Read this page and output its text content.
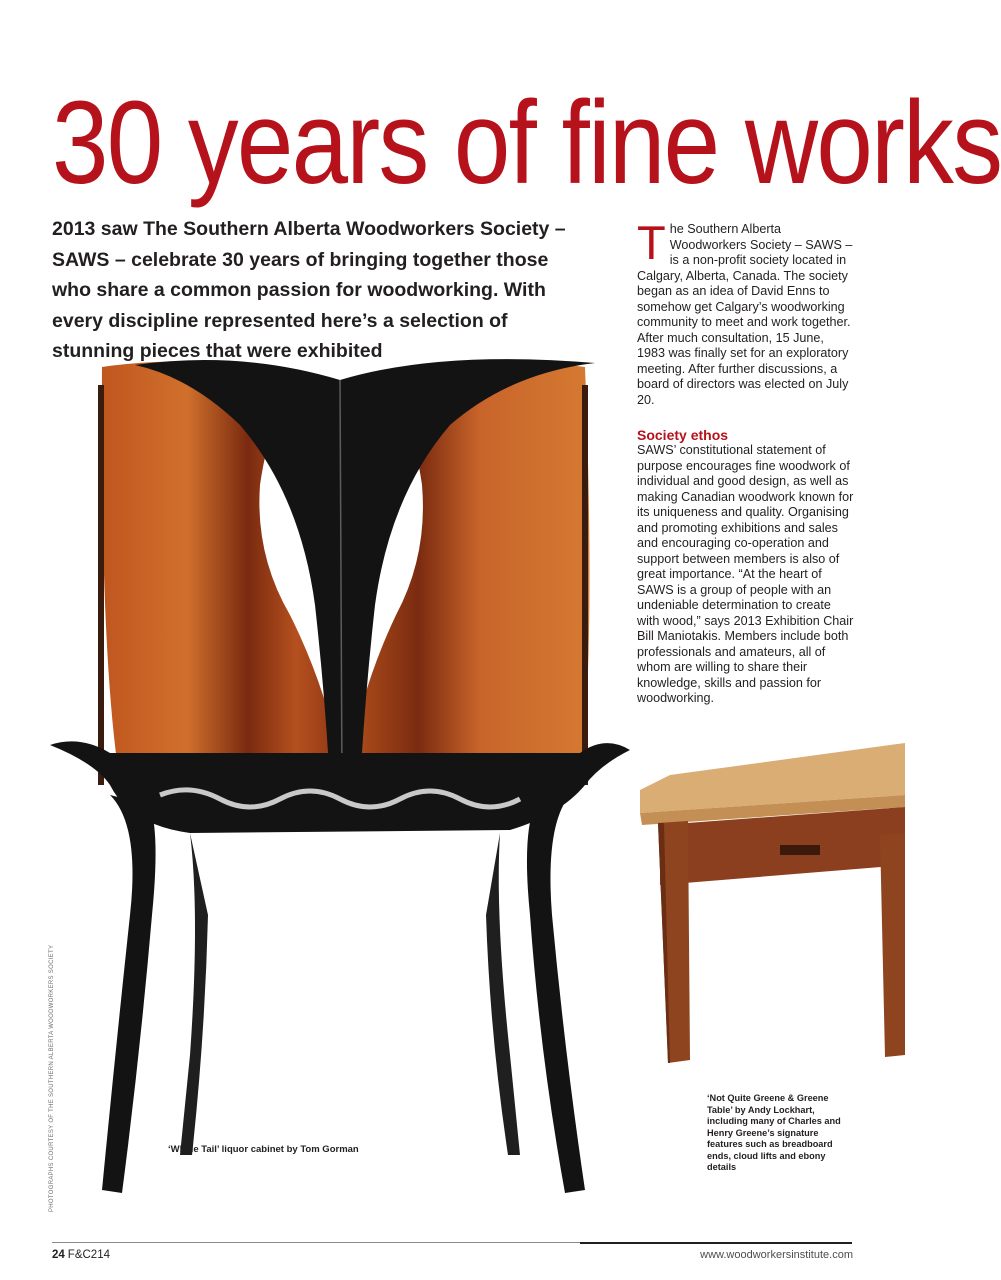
30 years of fine works
2013 saw The Southern Alberta Woodworkers Society – SAWS – celebrate 30 years of bringing together those who share a common passion for woodworking. With every discipline represented here’s a selection of stunning pieces that were exhibited
T he Southern Alberta Woodworkers Society – SAWS – is a non-profit society located in Calgary, Alberta, Canada. The society began as an idea of David Enns to somehow get Calgary’s woodworking community to meet and work together. After much consultation, 15 June, 1983 was finally set for an exploratory meeting. After further discussions, a board of directors was elected on July 20.

Society ethos

SAWS’ constitutional statement of purpose encourages fine woodwork of individual and good design, as well as making Canadian woodwork known for its uniqueness and quality. Organising and promoting exhibitions and sales and encouraging co-operation and support between members is also of great importance. “At the heart of SAWS is a group of people with an undeniable determination to create with wood,” says 2013 Exhibition Chair Bill Maniotakis. Members include both professionals and amateurs, all of whom are willing to share their knowledge, skills and passion for woodworking.

PHOTOGRAPHS COURTESY OF THE SOUTHERN ALBERTA WOODWORKERS SOCIETY	‘Whale Tail’ liquor cabinet by Tom Gorman
‘Not Quite Greene & Greene Table’ by Andy Lockhart, including many of Charles and Henry Greene’s signature features such as breadboard ends, cloud lifts and ebony details
24 F&C214	www.woodworkersinstitute.com
